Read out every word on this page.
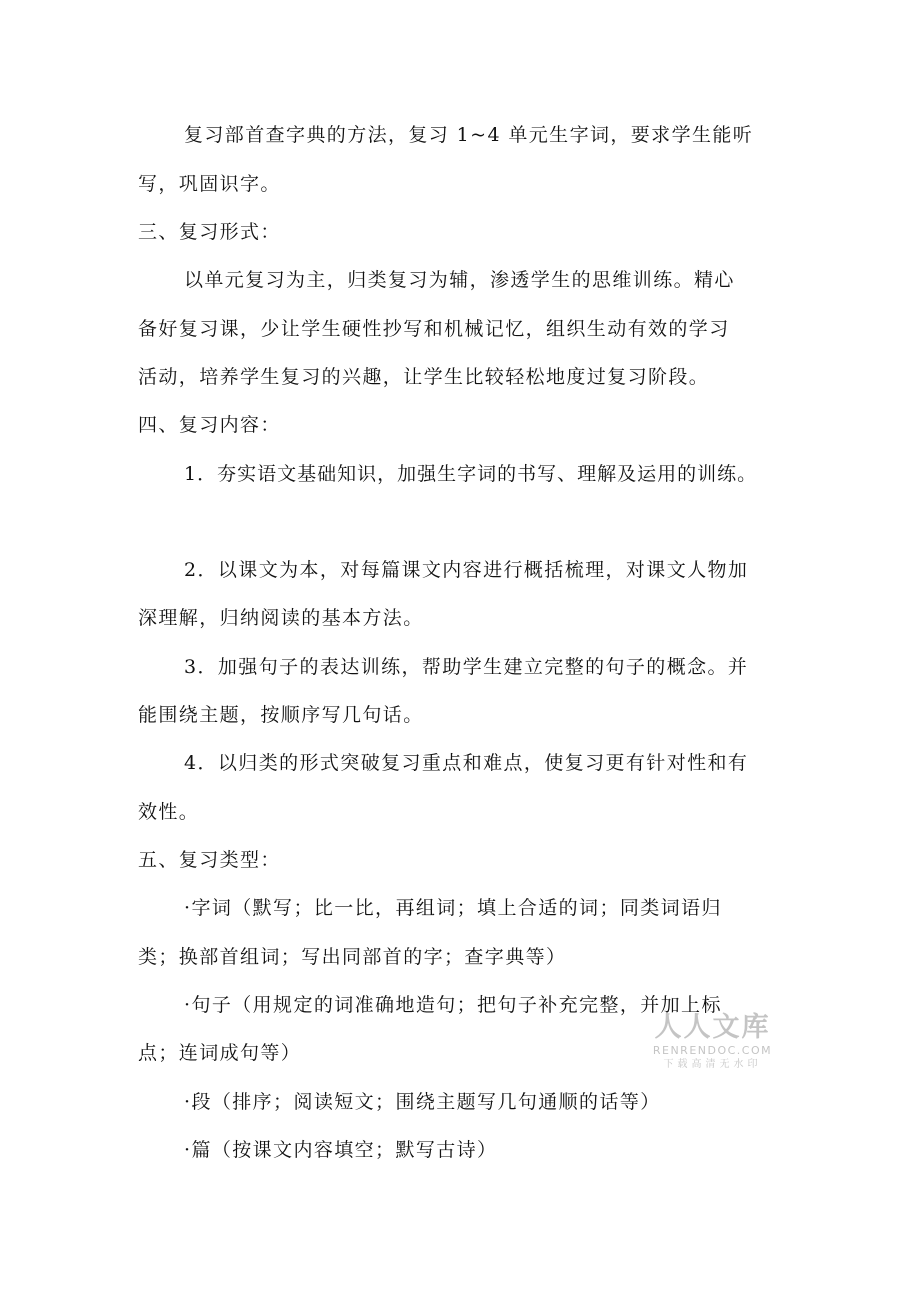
复习部首查字典的方法，复习 1~4 单元生字词，要求学生能听
写，巩固识字。
三、复习形式：
以单元复习为主，归类复习为辅，渗透学生的思维训练。精心
备好复习课，少让学生硬性抄写和机械记忆，组织生动有效的学习
活动，培养学生复习的兴趣，让学生比较轻松地度过复习阶段。
四、复习内容：
1．夯实语文基础知识，加强生字词的书写、理解及运用的训练。
2．以课文为本，对每篇课文内容进行概括梳理，对课文人物加
深理解，归纳阅读的基本方法。
3．加强句子的表达训练，帮助学生建立完整的句子的概念。并
能围绕主题，按顺序写几句话。
4．以归类的形式突破复习重点和难点，使复习更有针对性和有
效性。
五、复习类型：
·字词（默写；比一比，再组词；填上合适的词；同类词语归
类；换部首组词；写出同部首的字；查字典等）
·句子（用规定的词准确地造句；把句子补充完整，并加上标
点；连词成句等）
·段（排序；阅读短文；围绕主题写几句通顺的话等）
·篇（按课文内容填空；默写古诗）
人人文库
RENRENDOC.COM
下载高清无水印
